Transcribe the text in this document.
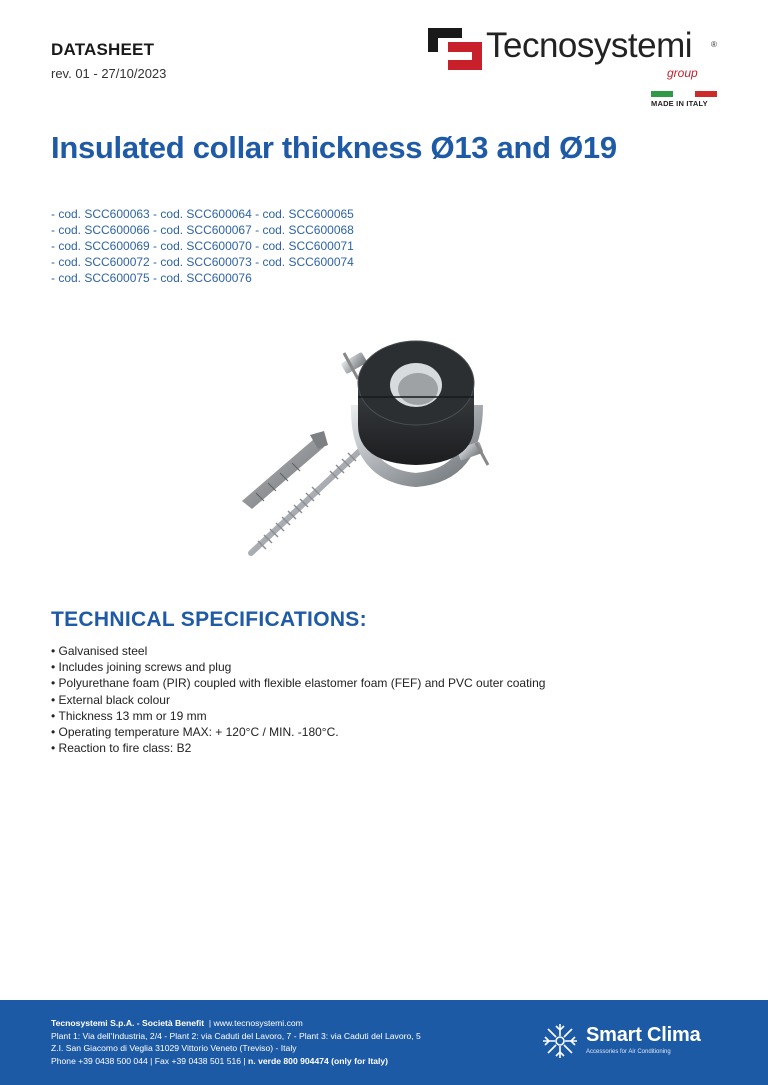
DATASHEET
rev. 01 - 27/10/2023
Tecnosystemi ®
group
MADE IN ITALY
Insulated collar thickness Ø13 and Ø19
- cod. SCC600063 - cod. SCC600064 - cod. SCC600065
- cod. SCC600066 - cod. SCC600067 - cod. SCC600068
- cod. SCC600069 - cod. SCC600070 - cod. SCC600071
- cod. SCC600072 - cod. SCC600073 - cod. SCC600074
- cod. SCC600075 - cod. SCC600076
TECHNICAL SPECIFICATIONS:
• Galvanised steel
• Includes joining screws and plug
• Polyurethane foam (PIR) coupled with flexible elastomer foam (FEF) and PVC outer coating
• External black colour
• Thickness 13 mm or 19 mm
• Operating temperature MAX: + 120°C / MIN. -180°C.
• Reaction to fire class: B2
Tecnosystemi S.p.A. - Società Benefit | www.tecnosystemi.com
Plant 1: Via dell'Industria, 2/4 - Plant 2: via Caduti del Lavoro, 7 - Plant 3: via Caduti del Lavoro, 5
Z.I. San Giacomo di Veglia 31029 Vittorio Veneto (Treviso) - Italy
Phone +39 0438 500 044 | Fax +39 0438 501 516 | n. verde 800 904474 (only for Italy)
Smart Clima
Accessories for Air Conditioning
